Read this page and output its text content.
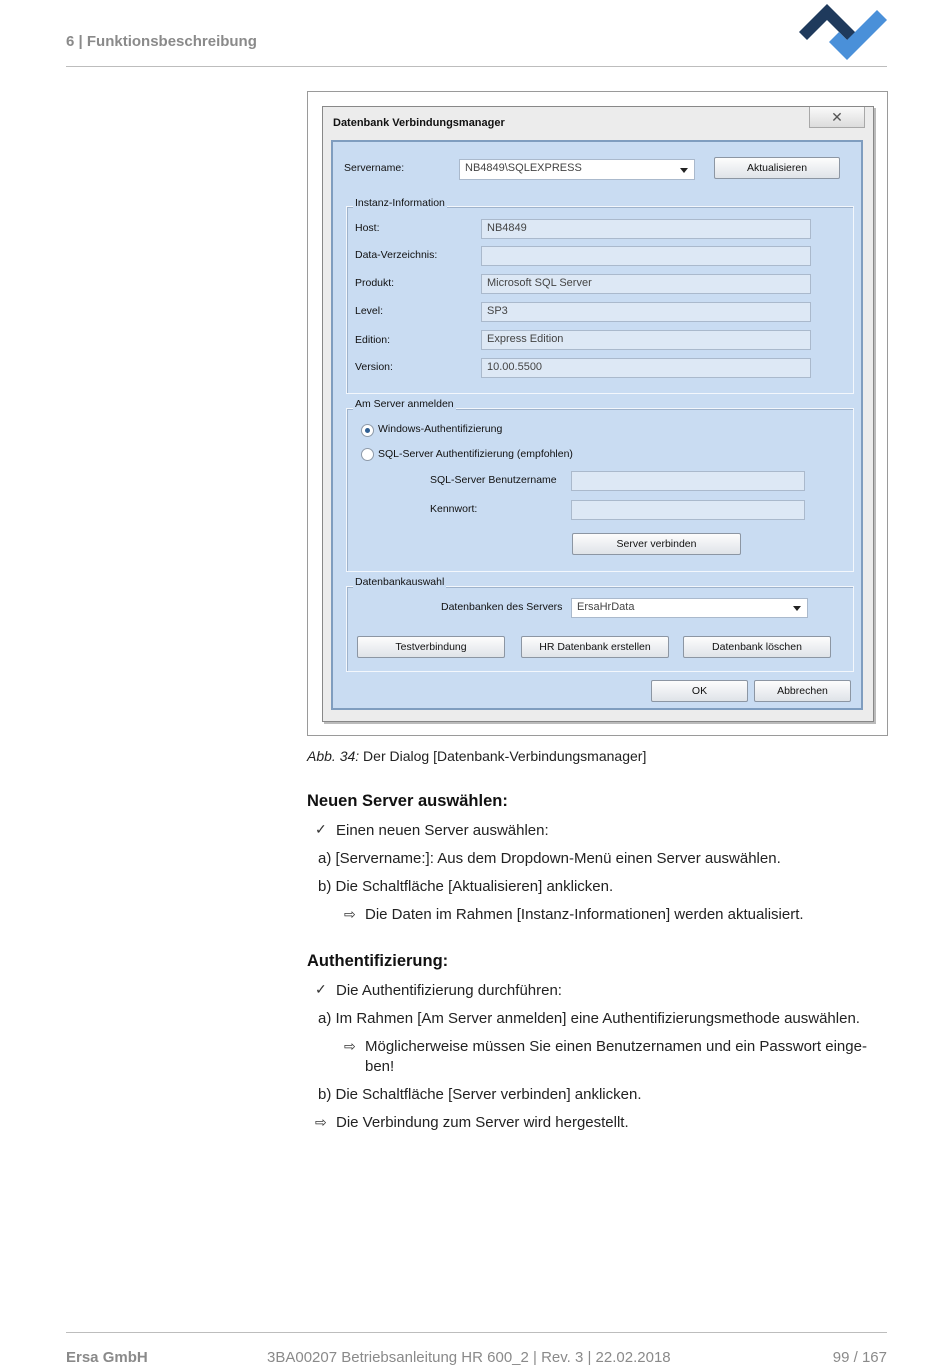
6 | Funktionsbeschreibung
Datenbank Verbindungsmanager	✕
Servername:	NB4849\SQLEXPRESS	Aktualisieren
Instanz-Information
Host:	NB4849
Data-Verzeichnis:
Produkt:	Microsoft SQL Server
Level:	SP3
Edition:	Express Edition
Version:	10.00.5500
Am Server anmelden
Windows-Authentifizierung
SQL-Server Authentifizierung (empfohlen)
SQL-Server Benutzername
Kennwort:
Server verbinden
Datenbankauswahl
Datenbanken des Servers	ErsaHrData
Testverbindung	HR Datenbank erstellen	Datenbank löschen
OK	Abbrechen
Abb. 34: Der Dialog [Datenbank-Verbindungsmanager]
Neuen Server auswählen:
✓ Einen neuen Server auswählen:
a) [Servername:]: Aus dem Dropdown-Menü einen Server auswählen.
b) Die Schaltfläche [Aktualisieren] anklicken.
⇨ Die Daten im Rahmen [Instanz-Informationen] werden aktualisiert.
Authentifizierung:
✓ Die Authentifizierung durchführen:
a) Im Rahmen [Am Server anmelden] eine Authentifizierungsmethode auswählen.
⇨ Möglicherweise müssen Sie einen Benutzernamen und ein Passwort einge-
ben!
b) Die Schaltfläche [Server verbinden] anklicken.
⇨ Die Verbindung zum Server wird hergestellt.
Ersa GmbH	3BA00207 Betriebsanleitung HR 600_2 | Rev. 3 | 22.02.2018	99 / 167
